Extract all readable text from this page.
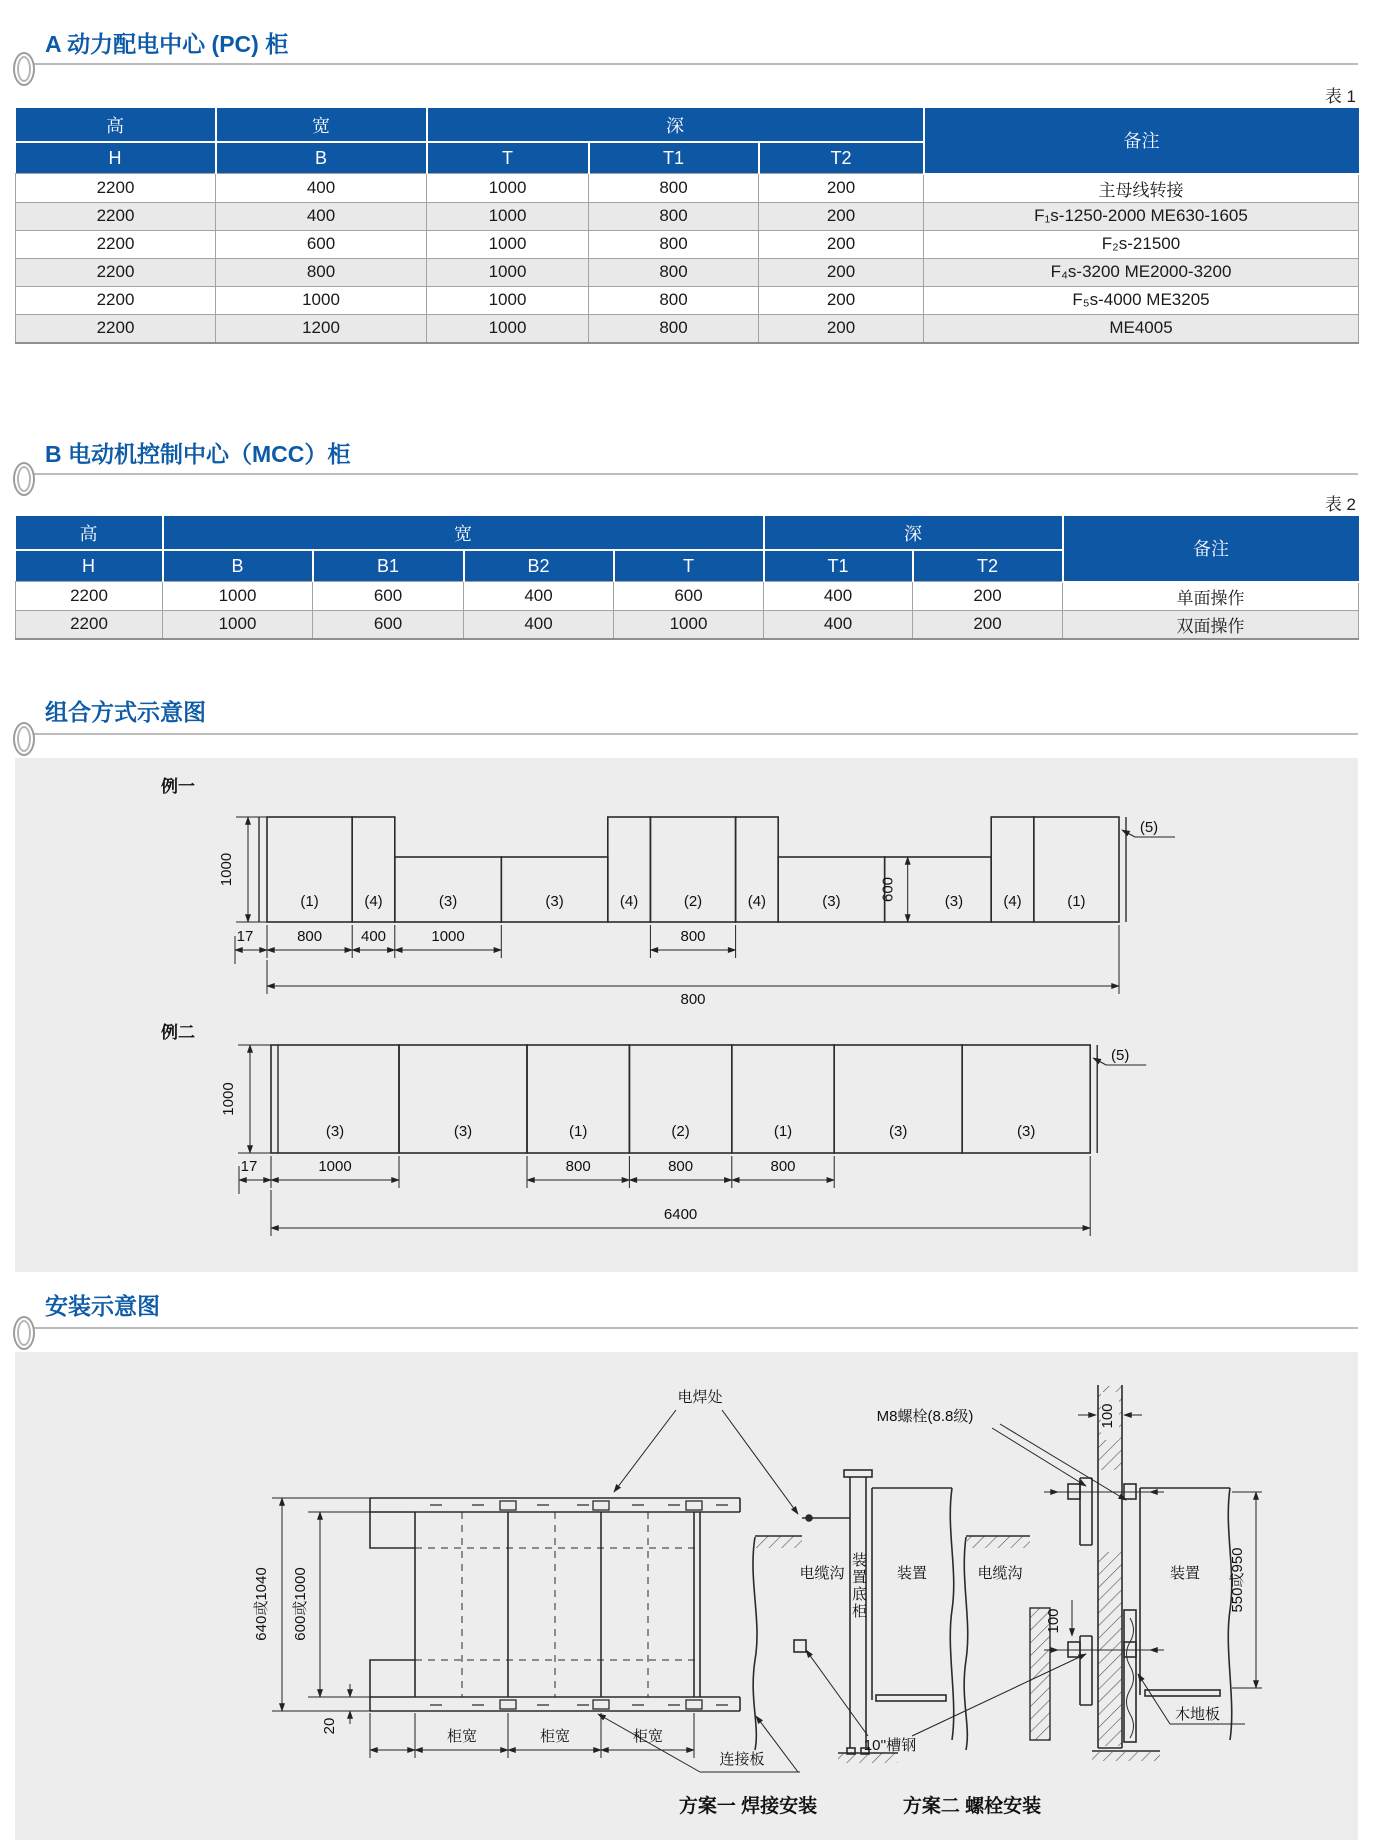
A 动力配电中心 (PC) 柜
表 1
高	宽	深			备注
H	B	T	T1	T2	
2200	400	1000	800	200	主母线转接
2200	400	1000	800	200	F₁s-1250-2000 ME630-1605
2200	600	1000	800	200	F₂s-21500
2200	800	1000	800	200	F₄s-3200 ME2000-3200
2200	1000	1000	800	200	F₅s-4000 ME3205
2200	1200	1000	800	200	ME4005
B 电动机控制中心（MCC）柜
表 2
高	宽				深		备注
H	B	B1	B2	T	T1	T2	
2200	1000	600	400	600	400	200	单面操作
2200	1000	600	400	1000	400	200	双面操作
组合方式示意图
例一
(1)	(4)	(3)	(3)	(4)	(2)	(4)	(3)	(3)	(4)	(1)
1000
600
800	400	1000	800
17
800
(5)
例二
(3)	(3)	(1)	(2)	(1)	(3)	(3)
1000
1000	800	800	800
17
6400
(5)
安装示意图
电焊处
M8螺栓(8.8级)	100
电缆沟	装置	电缆沟	装置 550或950
640或1040 600或1000
20
柜宽	柜宽	柜宽
连接板
10''槽钢
100
木地板
方案一 焊接安装	方案二 螺栓安装
装置底柜
